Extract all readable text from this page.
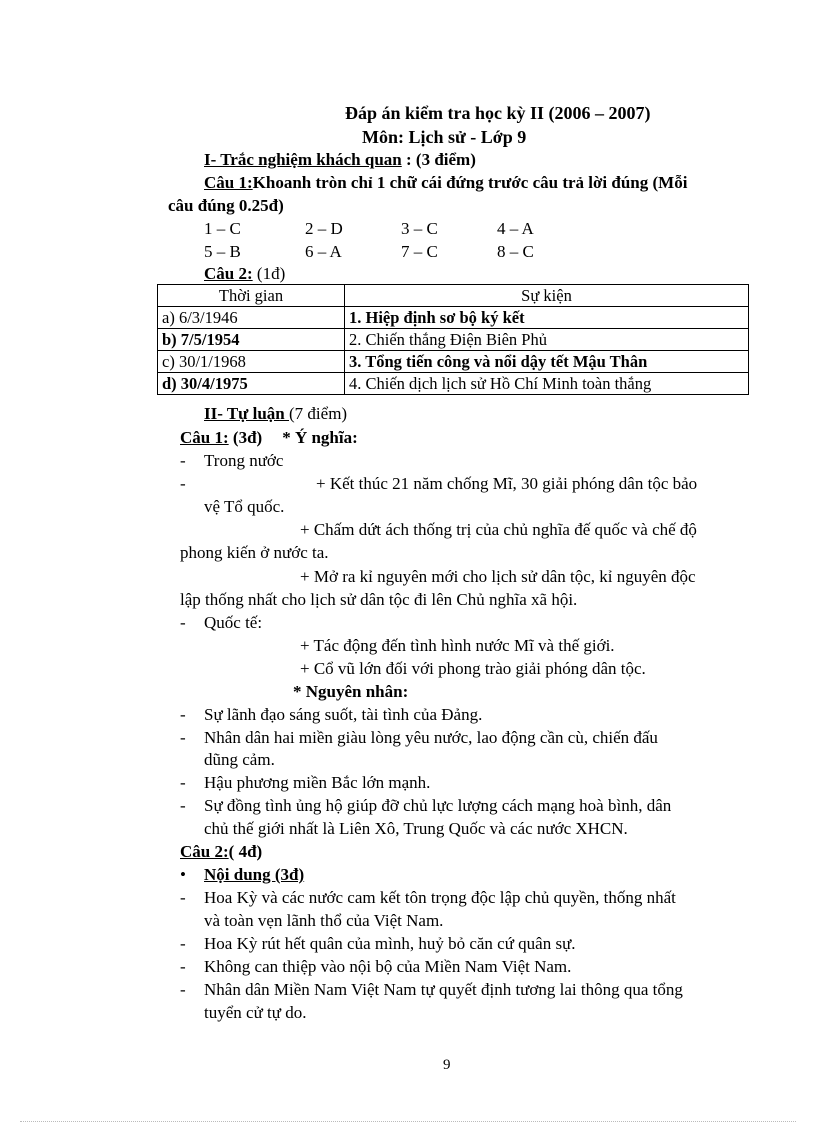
Đáp án kiểm tra học kỳ II (2006 – 2007)
Môn: Lịch sử - Lớp 9
I- Trắc nghiệm khách quan : (3 điểm)
Câu 1:Khoanh tròn chỉ 1 chữ cái đứng trước câu trả lời đúng (Mỗi
câu đúng 0.25đ)
1 – C	2 – D	3 – C	4 – A
5 – B	6 – A	7 – C	8 – C
Câu 2: (1đ)
Thời gian	Sự kiện
a) 6/3/1946	1. Hiệp định sơ bộ ký kết
b) 7/5/1954	2. Chiến thắng Điện Biên Phủ
c) 30/1/1968	3. Tổng tiến công và nổi dậy tết Mậu Thân
d) 30/4/1975	4. Chiến dịch lịch sử Hồ Chí Minh toàn thắng
II- Tự luận (7 điểm)
Câu 1: (3đ) * Ý nghĩa:
- Trong nước
-	+ Kết thúc 21 năm chống Mĩ, 30 giải phóng dân tộc bảo
vệ Tổ quốc.
+ Chấm dứt ách thống trị của chủ nghĩa đế quốc và chế độ
phong kiến ở nước ta.
+ Mở ra kỉ nguyên mới cho lịch sử dân tộc, kỉ nguyên độc
lập thống nhất cho lịch sử dân tộc đi lên Chủ nghĩa xã hội.
- Quốc tế:
+ Tác động đến tình hình nước Mĩ và thế giới.
+ Cổ vũ lớn đối với phong trào giải phóng dân tộc.
* Nguyên nhân:
- Sự lãnh đạo sáng suốt, tài tình của Đảng.
- Nhân dân hai miền giàu lòng yêu nước, lao động cần cù, chiến đấu
dũng cảm.
- Hậu phương miền Bắc lớn mạnh.
- Sự đồng tình ủng hộ giúp đỡ chủ lực lượng cách mạng hoà bình, dân
chủ thế giới nhất là Liên Xô, Trung Quốc và các nước XHCN.
Câu 2:( 4đ)
• Nội dung (3đ)
- Hoa Kỳ và các nước cam kết tôn trọng độc lập chủ quyền, thống nhất
và toàn vẹn lãnh thổ của Việt Nam.
- Hoa Kỳ rút hết quân của mình, huỷ bỏ căn cứ quân sự.
- Không can thiệp vào nội bộ của Miền Nam Việt Nam.
- Nhân dân Miền Nam Việt Nam tự quyết định tương lai thông qua tổng
tuyển cử tự do.
9
